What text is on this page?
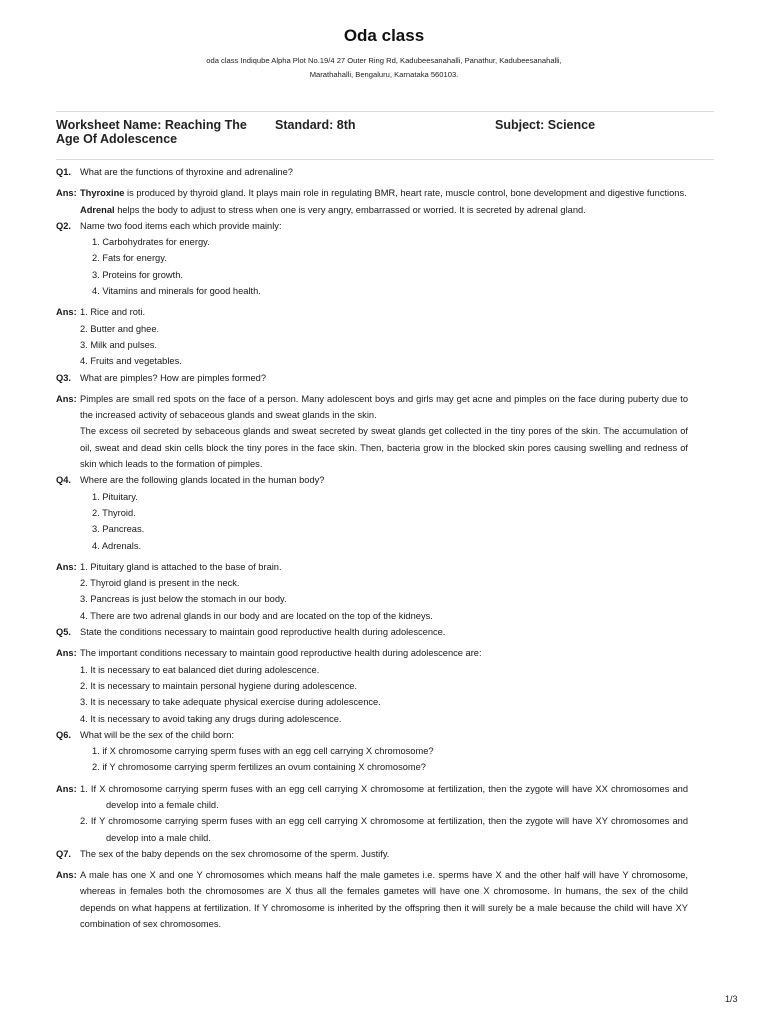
Oda class
oda class Indiqube Alpha Plot No.19/4 27 Outer Ring Rd, Kadubeesanahalli, Panathur, Kadubeesanahalli,
Marathahalli, Bengaluru, Karnataka 560103.
Worksheet Name: Reaching The
Age Of Adolescence
Standard: 8th	Subject: Science
Q1. What are the functions of thyroxine and adrenaline?
Ans: Thyroxine is produced by thyroid gland. It plays main role in regulating BMR, heart rate, muscle control, bone development and digestive functions.
Adrenal helps the body to adjust to stress when one is very angry, embarrassed or worried. It is secreted by adrenal gland.
Q2. Name two food items each which provide mainly:
1. Carbohydrates for energy.
2. Fats for energy.
3. Proteins for growth.
4. Vitamins and minerals for good health.
Ans: 1. Rice and roti.
2. Butter and ghee.
3. Milk and pulses.
4. Fruits and vegetables.
Q3. What are pimples? How are pimples formed?
Ans: Pimples are small red spots on the face of a person. Many adolescent boys and girls may get acne and pimples on the face during puberty due to the increased activity of sebaceous glands and sweat glands in the skin.
The excess oil secreted by sebaceous glands and sweat secreted by sweat glands get collected in the tiny pores of the skin. The accumulation of oil, sweat and dead skin cells block the tiny pores in the face skin. Then, bacteria grow in the blocked skin pores causing swelling and redness of skin which leads to the formation of pimples.
Q4. Where are the following glands located in the human body?
1. Pituitary.
2. Thyroid.
3. Pancreas.
4. Adrenals.
Ans: 1. Pituitary gland is attached to the base of brain.
2. Thyroid gland is present in the neck.
3. Pancreas is just below the stomach in our body.
4. There are two adrenal glands in our body and are located on the top of the kidneys.
Q5. State the conditions necessary to maintain good reproductive health during adolescence.
Ans: The important conditions necessary to maintain good reproductive health during adolescence are:
1. It is necessary to eat balanced diet during adolescence.
2. It is necessary to maintain personal hygiene during adolescence.
3. It is necessary to take adequate physical exercise during adolescence.
4. It is necessary to avoid taking any drugs during adolescence.
Q6. What will be the sex of the child born:
1. if X chromosome carrying sperm fuses with an egg cell carrying X chromosome?
2. if Y chromosome carrying sperm fertilizes an ovum containing X chromosome?
Ans: 1. If X chromosome carrying sperm fuses with an egg cell carrying X chromosome at fertilization, then the zygote will have XX chromosomes and develop into a female child.
2. If Y chromosome carrying sperm fuses with an egg cell carrying X chromosome at fertilization, then the zygote will have XY chromosomes and develop into a male child.
Q7. The sex of the baby depends on the sex chromosome of the sperm. Justify.
Ans: A male has one X and one Y chromosomes which means half the male gametes i.e. sperms have X and the other half will have Y chromosome, whereas in females both the chromosomes are X thus all the females gametes will have one X chromosome. In humans, the sex of the child depends on what happens at fertilization. If Y chromosome is inherited by the offspring then it will surely be a male because the child will have XY combination of sex chromosomes.
1/3
